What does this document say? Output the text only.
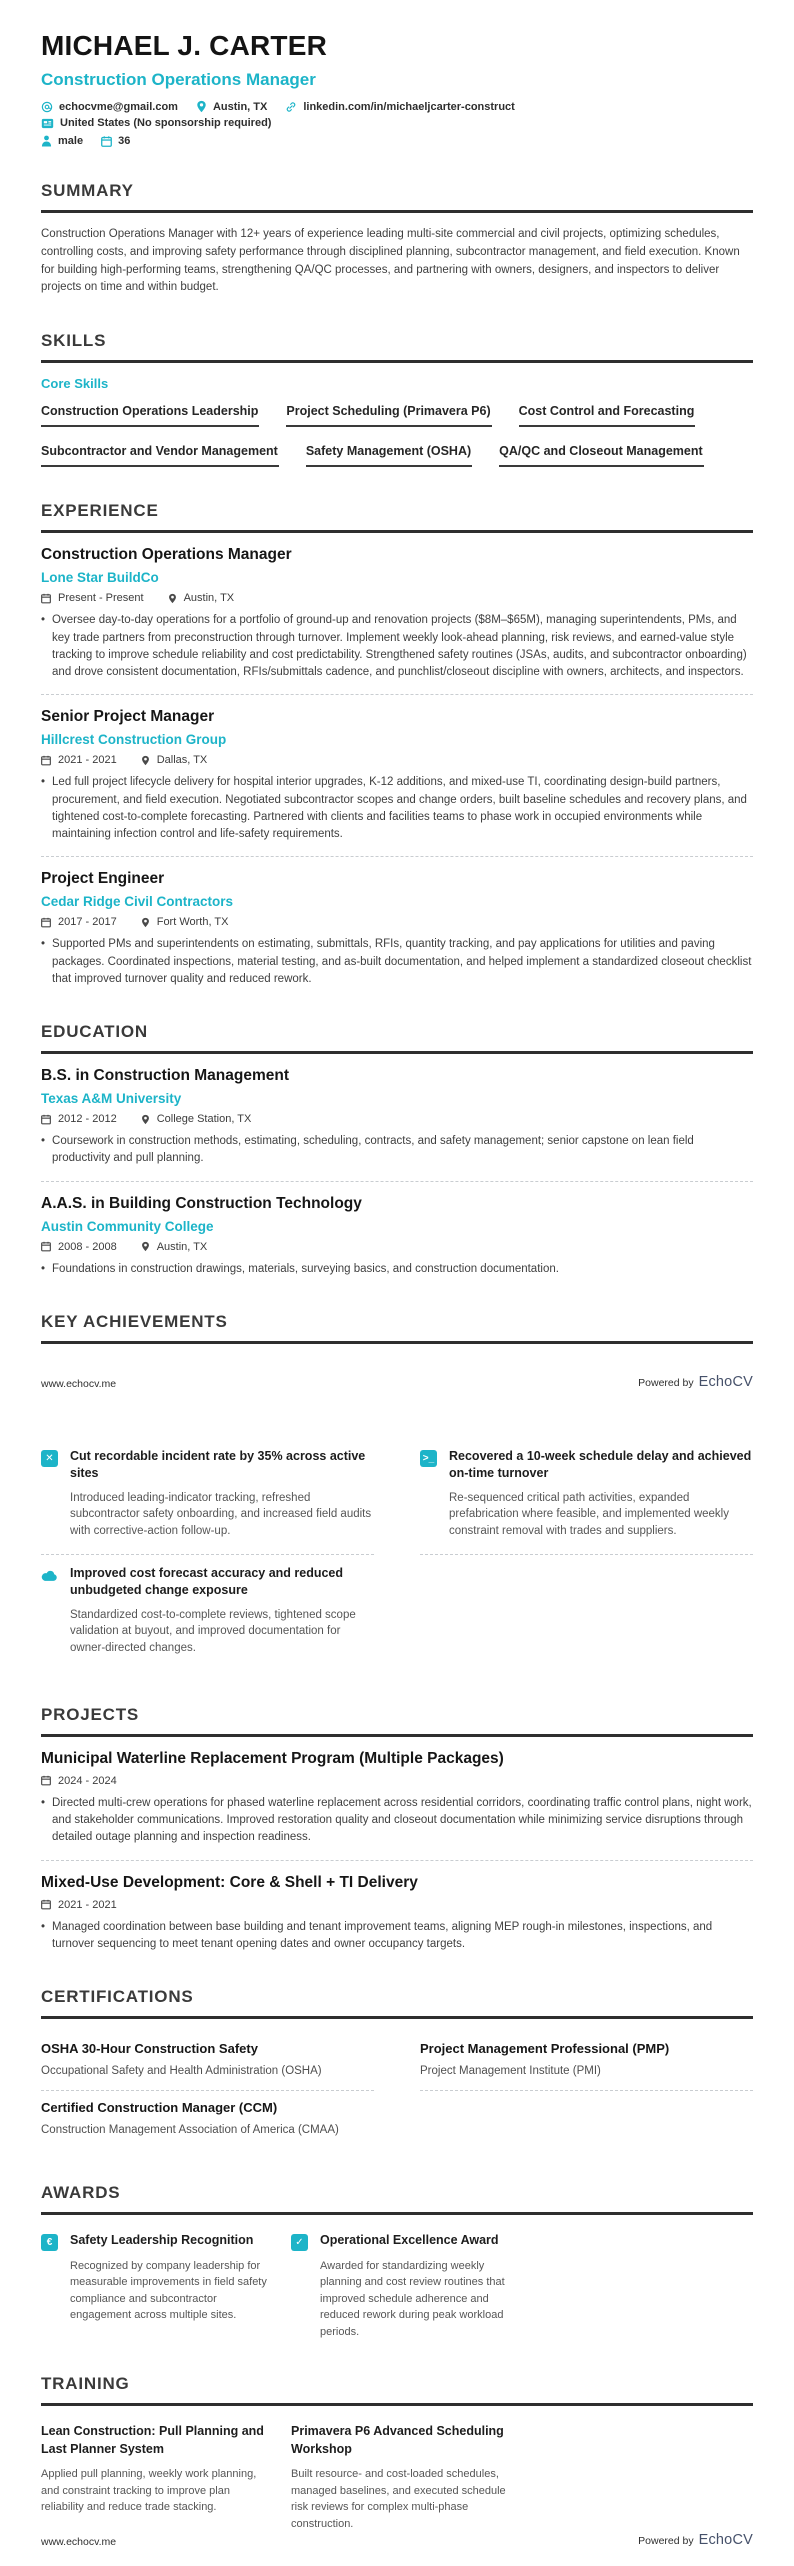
MICHAEL J. CARTER
Construction Operations Manager
echocvme@gmail.com	Austin, TX	linkedin.com/in/michaeljcarter-construct
United States (No sponsorship required)
male	36
SUMMARY

Construction Operations Manager with 12+ years of experience leading multi-site commercial and civil projects, optimizing schedules, controlling costs, and improving safety performance through disciplined planning, subcontractor management, and field execution. Known for building high-performing teams, strengthening QA/QC processes, and partnering with owners, designers, and inspectors to deliver projects on time and within budget.

SKILLS
Core Skills
Construction Operations Leadership Project Scheduling (Primavera P6) Cost Control and Forecasting
Subcontractor and Vendor Management Safety Management (OSHA) QA/QC and Closeout Management
EXPERIENCE
Construction Operations Manager
Lone Star BuildCo
Present - Present	Austin, TX
• Oversee day-to-day operations for a portfolio of ground-up and renovation projects ($8M–$65M), managing superintendents, PMs, and key trade partners from preconstruction through turnover. Implement weekly look-ahead planning, risk reviews, and earned-value style tracking to improve schedule reliability and cost predictability. Strengthened safety routines (JSAs, audits, and subcontractor onboarding) and drove consistent documentation, RFIs/submittals cadence, and punchlist/closeout discipline with owners, architects, and inspectors.

Senior Project Manager
Hillcrest Construction Group
2021 - 2021	Dallas, TX
• Led full project lifecycle delivery for hospital interior upgrades, K-12 additions, and mixed-use TI, coordinating design-build partners, procurement, and field execution. Negotiated subcontractor scopes and change orders, built baseline schedules and recovery plans, and tightened cost-to-complete forecasting. Partnered with clients and facilities teams to phase work in occupied environments while maintaining infection control and life-safety requirements.

Project Engineer
Cedar Ridge Civil Contractors
2017 - 2017	Fort Worth, TX
• Supported PMs and superintendents on estimating, submittals, RFIs, quantity tracking, and pay applications for utilities and paving packages. Coordinated inspections, material testing, and as-built documentation, and helped implement a standardized closeout checklist that improved turnover quality and reduced rework.

EDUCATION
B.S. in Construction Management
Texas A&M University
2012 - 2012	College Station, TX
• Coursework in construction methods, estimating, scheduling, contracts, and safety management; senior capstone on lean field productivity and pull planning.

A.A.S. in Building Construction Technology
Austin Community College
2008 - 2008	Austin, TX
• Foundations in construction drawings, materials, surveying basics, and construction documentation.

KEY ACHIEVEMENTS
www.echocv.me	Powered by EchoCV
✕	Cut recordable incident rate by 35% across active sites
Introduced leading-indicator tracking, refreshed subcontractor safety onboarding, and increased field audits with corrective-action follow-up.
>_ Recovered a 10-week schedule delay and achieved on-time turnover
Re-sequenced critical path activities, expanded prefabrication where feasible, and implemented weekly constraint removal with trades and suppliers.
Improved cost forecast accuracy and reduced unbudgeted change exposure
Standardized cost-to-complete reviews, tightened scope validation at buyout, and improved documentation for owner-directed changes.
PROJECTS
Municipal Waterline Replacement Program (Multiple Packages)
2024 - 2024
• Directed multi-crew operations for phased waterline replacement across residential corridors, coordinating traffic control plans, night work, and stakeholder communications. Improved restoration quality and closeout documentation while minimizing service disruptions through detailed outage planning and inspection readiness.

Mixed-Use Development: Core & Shell + TI Delivery
2021 - 2021
• Managed coordination between base building and tenant improvement teams, aligning MEP rough-in milestones, inspections, and turnover sequencing to meet tenant opening dates and owner occupancy targets.

CERTIFICATIONS
OSHA 30-Hour Construction Safety
Occupational Safety and Health Administration (OSHA)
Project Management Professional (PMP)
Project Management Institute (PMI)
Certified Construction Manager (CCM)
Construction Management Association of America (CMAA)
AWARDS
€	Safety Leadership Recognition
Recognized by company leadership for measurable improvements in field safety compliance and subcontractor engagement across multiple sites.
✓	Operational Excellence Award
Awarded for standardizing weekly planning and cost review routines that improved schedule adherence and reduced rework during peak workload periods.
TRAINING
Lean Construction: Pull Planning and Last Planner System
Applied pull planning, weekly work planning, and constraint tracking to improve plan reliability and reduce trade stacking.
Primavera P6 Advanced Scheduling Workshop
Built resource- and cost-loaded schedules, managed baselines, and executed schedule risk reviews for complex multi-phase construction.
www.echocv.me	Powered by EchoCV
